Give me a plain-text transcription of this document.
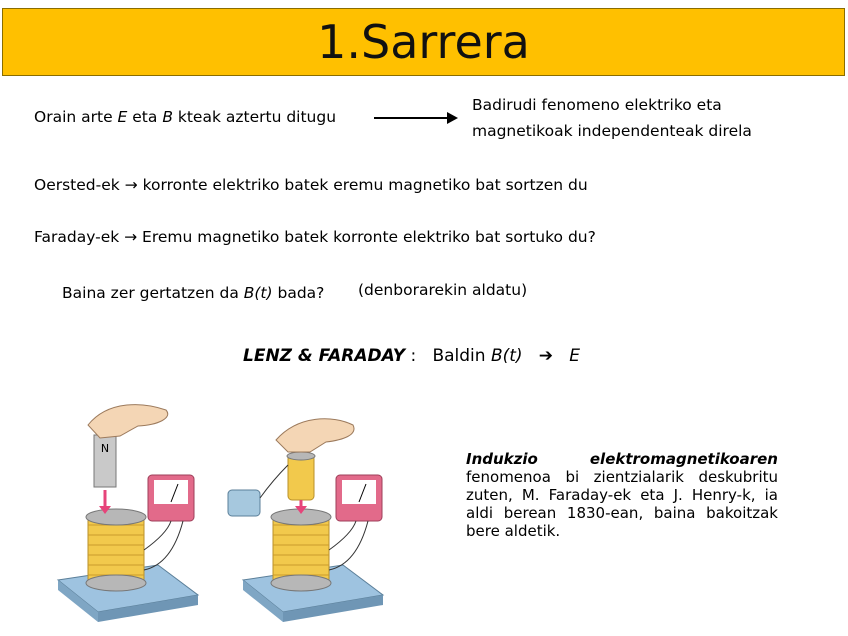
1.Sarrera
Orain arte E eta B kteak aztertu ditugu
Badirudi fenomeno elektriko eta
magnetikoak independenteak direla
Oersted-ek → korronte elektriko batek eremu magnetiko bat sortzen du
Faraday-ek → Eremu magnetiko batek korronte elektriko bat sortuko du?
Baina zer gertatzen da B(t) bada? (denborarekin aldatu)
LENZ & FARADAY :   Baldin B(t) ➔ E
N
Indukzio elektromagnetikoaren fenomenoa bi zientzialarik deskubritu zuten, M. Faraday-ek eta J. Henry-k, ia aldi berean 1830-ean, baina bakoitzak bere aldetik.
